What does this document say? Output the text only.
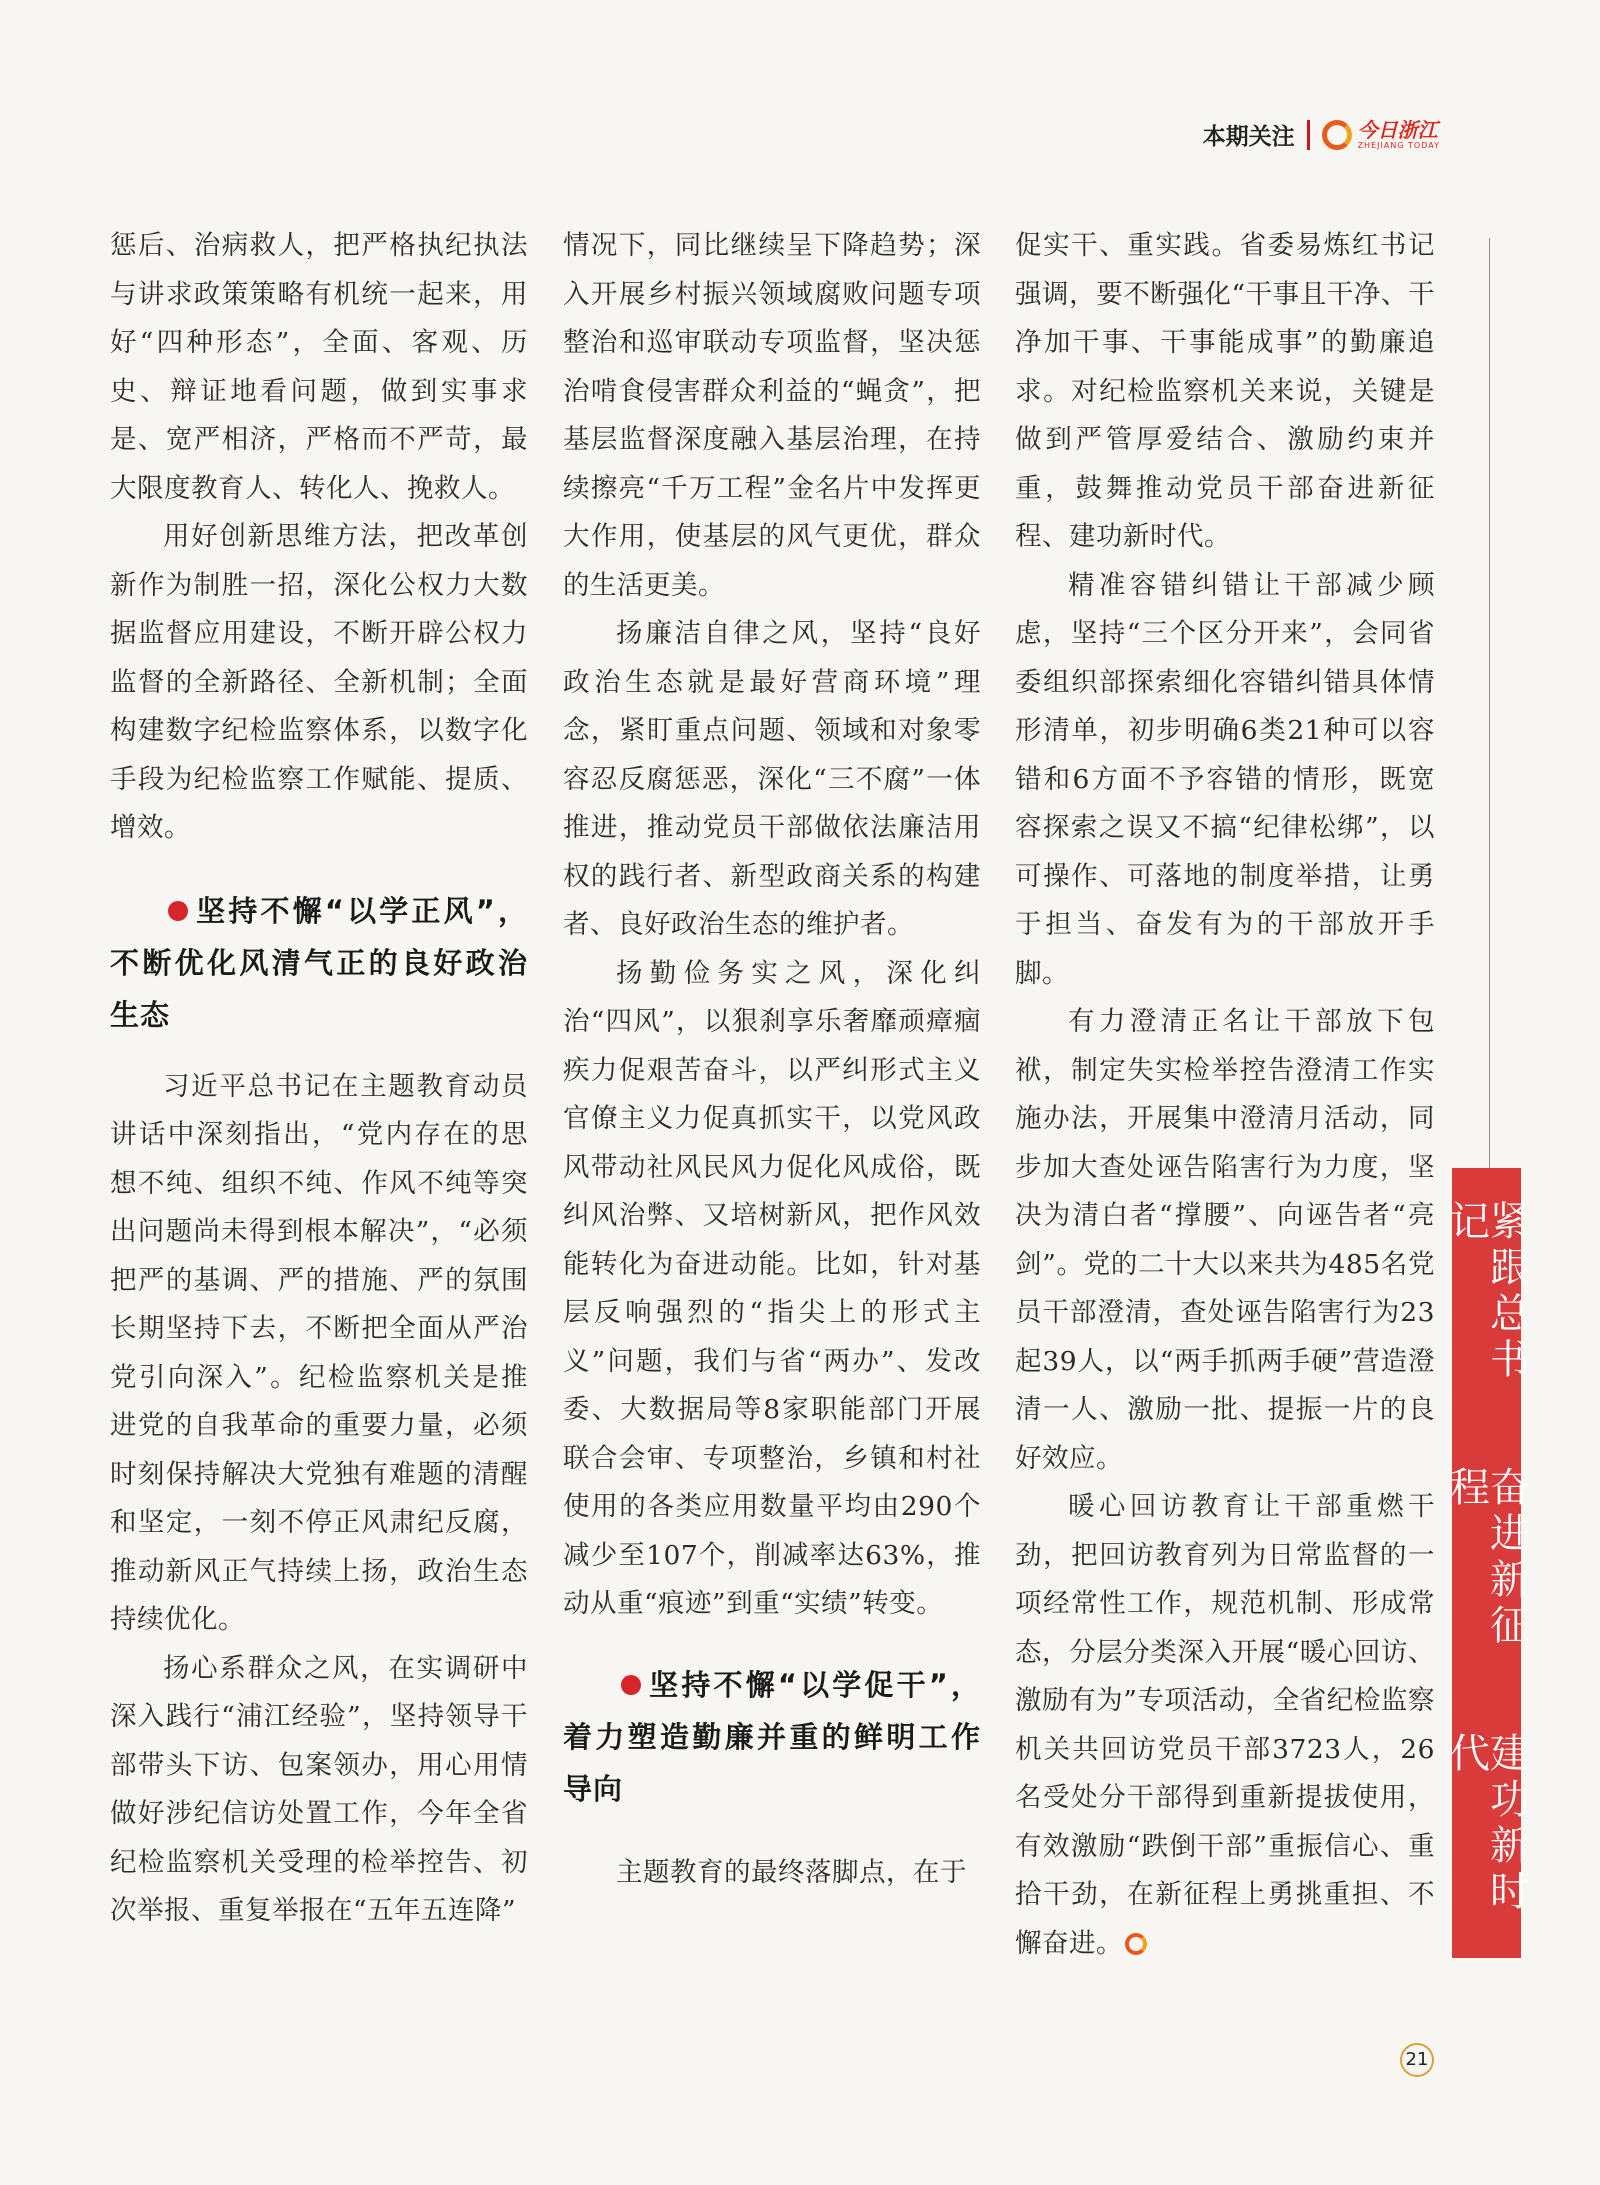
本期关注	今日浙江
ZHEJIANG TODAY

惩后、治病救人，把严格执纪执法与讲求政策策略有机统一起来，用好“四种形态”，全面、客观、历史、辩证地看问题，做到实事求是、宽严相济，严格而不严苛，最大限度教育人、转化人、挽救人。

用好创新思维方法，把改革创新作为制胜一招，深化公权力大数据监督应用建设，不断开辟公权力监督的全新路径、全新机制；全面构建数字纪检监察体系，以数字化手段为纪检监察工作赋能、提质、增效。

坚持不懈“以学正风”，不断优化风清气正的良好政治生态

习近平总书记在主题教育动员讲话中深刻指出，“党内存在的思想不纯、组织不纯、作风不纯等突出问题尚未得到根本解决”，“必须把严的基调、严的措施、严的氛围长期坚持下去，不断把全面从严治党引向深入”。纪检监察机关是推进党的自我革命的重要力量，必须时刻保持解决大党独有难题的清醒和坚定，一刻不停正风肃纪反腐，推动新风正气持续上扬，政治生态持续优化。

扬心系群众之风，在实调研中深入践行“浦江经验”，坚持领导干部带头下访、包案领办，用心用情做好涉纪信访处置工作，今年全省纪检监察机关受理的检举控告、初次举报、重复举报在“五年五连降”

情况下，同比继续呈下降趋势；深入开展乡村振兴领域腐败问题专项整治和巡审联动专项监督，坚决惩治啃食侵害群众利益的“蝇贪”，把基层监督深度融入基层治理，在持续擦亮“千万工程”金名片中发挥更大作用，使基层的风气更优，群众的生活更美。

扬廉洁自律之风，坚持“良好政治生态就是最好营商环境”理念，紧盯重点问题、领域和对象零容忍反腐惩恶，深化“三不腐”一体推进，推动党员干部做依法廉洁用权的践行者、新型政商关系的构建者、良好政治生态的维护者。

扬勤俭务实之风，深化纠治“四风”，以狠刹享乐奢靡顽瘴痼疾力促艰苦奋斗，以严纠形式主义官僚主义力促真抓实干，以党风政风带动社风民风力促化风成俗，既纠风治弊、又培树新风，把作风效能转化为奋进动能。比如，针对基层反响强烈的“指尖上的形式主义”问题，我们与省“两办”、发改委、大数据局等8家职能部门开展联合会审、专项整治，乡镇和村社使用的各类应用数量平均由290个减少至107个，削减率达63%，推动从重“痕迹”到重“实绩”转变。

坚持不懈“以学促干”，着力塑造勤廉并重的鲜明工作导向

主题教育的最终落脚点，在于

促实干、重实践。省委易炼红书记强调，要不断强化“干事且干净、干净加干事、干事能成事”的勤廉追求。对纪检监察机关来说，关键是做到严管厚爱结合、激励约束并重，鼓舞推动党员干部奋进新征程、建功新时代。

精准容错纠错让干部减少顾虑，坚持“三个区分开来”，会同省委组织部探索细化容错纠错具体情形清单，初步明确6类21种可以容错和6方面不予容错的情形，既宽容探索之误又不搞“纪律松绑”，以可操作、可落地的制度举措，让勇于担当、奋发有为的干部放开手脚。

有力澄清正名让干部放下包袱，制定失实检举控告澄清工作实施办法，开展集中澄清月活动，同步加大查处诬告陷害行为力度，坚决为清白者“撑腰”、向诬告者“亮剑”。党的二十大以来共为485名党员干部澄清，查处诬告陷害行为23起39人，以“两手抓两手硬”营造澄清一人、激励一批、提振一片的良好效应。

暖心回访教育让干部重燃干劲，把回访教育列为日常监督的一项经常性工作，规范机制、形成常态，分层分类深入开展“暖心回访、激励有为”专项活动，全省纪检监察机关共回访党员干部3723人，26名受处分干部得到重新提拔使用，有效激励“跌倒干部”重振信心、重拾干劲，在新征程上勇挑重担、不懈奋进。

紧跟总书记
奋进新征程
建功新时代
21
